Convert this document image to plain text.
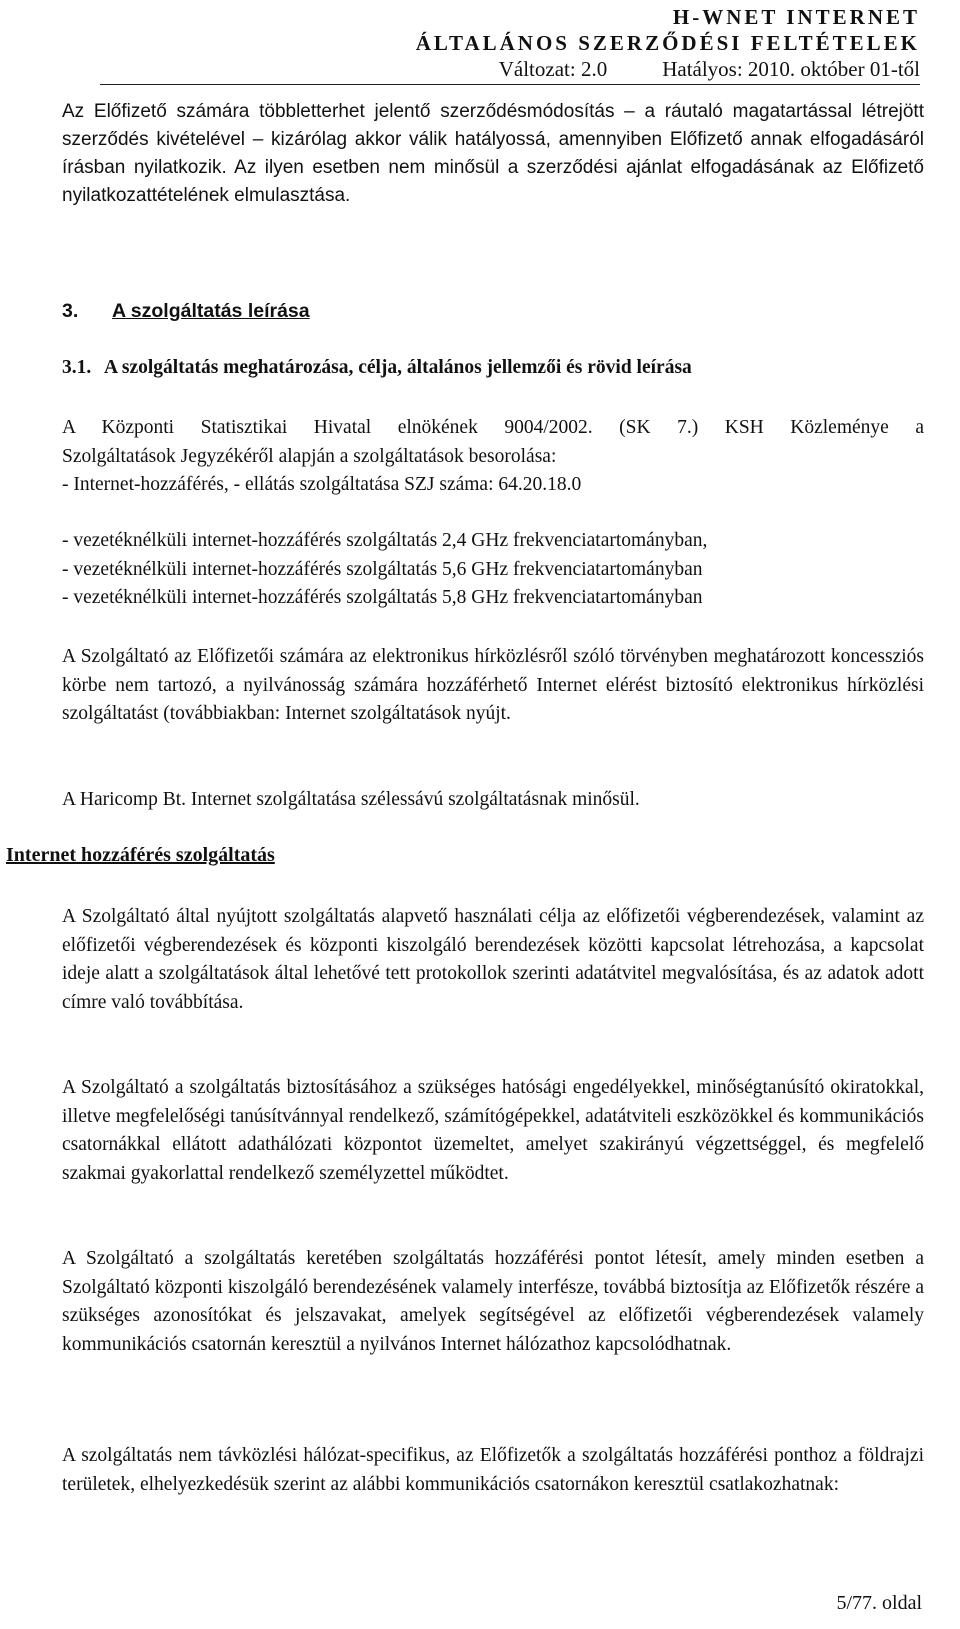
H-WNET INTERNET
ÁLTALÁNOS SZERZŐDÉSI FELTÉTELEK
Változat: 2.0	Hatályos: 2010. október 01-től
Az Előfizető számára többletterhet jelentő szerződésmódosítás – a ráutaló magatartással létrejött szerződés kivételével – kizárólag akkor válik hatályossá, amennyiben Előfizető annak elfogadásáról írásban nyilatkozik. Az ilyen esetben nem minősül a szerződési ajánlat elfogadásának az Előfizető nyilatkozattételének elmulasztása.
3. A szolgáltatás leírása
3.1. A szolgáltatás meghatározása, célja, általános jellemzői és rövid leírása
A Központi Statisztikai Hivatal elnökének 9004/2002. (SK 7.) KSH Közleménye a
Szolgáltatások Jegyzékéről alapján a szolgáltatások besorolása:
- Internet-hozzáférés, - ellátás szolgáltatása SZJ száma: 64.20.18.0
- vezetéknélküli internet-hozzáférés szolgáltatás 2,4 GHz frekvenciatartományban,
- vezetéknélküli internet-hozzáférés szolgáltatás 5,6 GHz frekvenciatartományban
- vezetéknélküli internet-hozzáférés szolgáltatás 5,8 GHz frekvenciatartományban
A Szolgáltató az Előfizetői számára az elektronikus hírközlésről szóló törvényben meghatározott koncessziós körbe nem tartozó, a nyilvánosság számára hozzáférhető Internet elérést biztosító elektronikus hírközlési szolgáltatást (továbbiakban: Internet szolgáltatások nyújt.
A Haricomp Bt. Internet szolgáltatása szélessávú szolgáltatásnak minősül.
Internet hozzáférés szolgáltatás
A Szolgáltató által nyújtott szolgáltatás alapvető használati célja az előfizetői végberendezések, valamint az előfizetői végberendezések és központi kiszolgáló berendezések közötti kapcsolat létrehozása, a kapcsolat ideje alatt a szolgáltatások által lehetővé tett protokollok szerinti adatátvitel megvalósítása, és az adatok adott címre való továbbítása.
A Szolgáltató a szolgáltatás biztosításához a szükséges hatósági engedélyekkel, minőségtanúsító okiratokkal, illetve megfelelőségi tanúsítvánnyal rendelkező, számítógépekkel, adatátviteli eszközökkel és kommunikációs csatornákkal ellátott adathálózati központot üzemeltet, amelyet szakirányú végzettséggel, és megfelelő szakmai gyakorlattal rendelkező személyzettel működtet.
A Szolgáltató a szolgáltatás keretében szolgáltatás hozzáférési pontot létesít, amely minden esetben a Szolgáltató központi kiszolgáló berendezésének valamely interfésze, továbbá biztosítja az Előfizetők részére a szükséges azonosítókat és jelszavakat, amelyek segítségével az előfizetői végberendezések valamely kommunikációs csatornán keresztül a nyilvános Internet hálózathoz kapcsolódhatnak.
A szolgáltatás nem távközlési hálózat-specifikus, az Előfizetők a szolgáltatás hozzáférési ponthoz a földrajzi területek, elhelyezkedésük szerint az alábbi kommunikációs csatornákon keresztül csatlakozhatnak:
5/77. oldal
